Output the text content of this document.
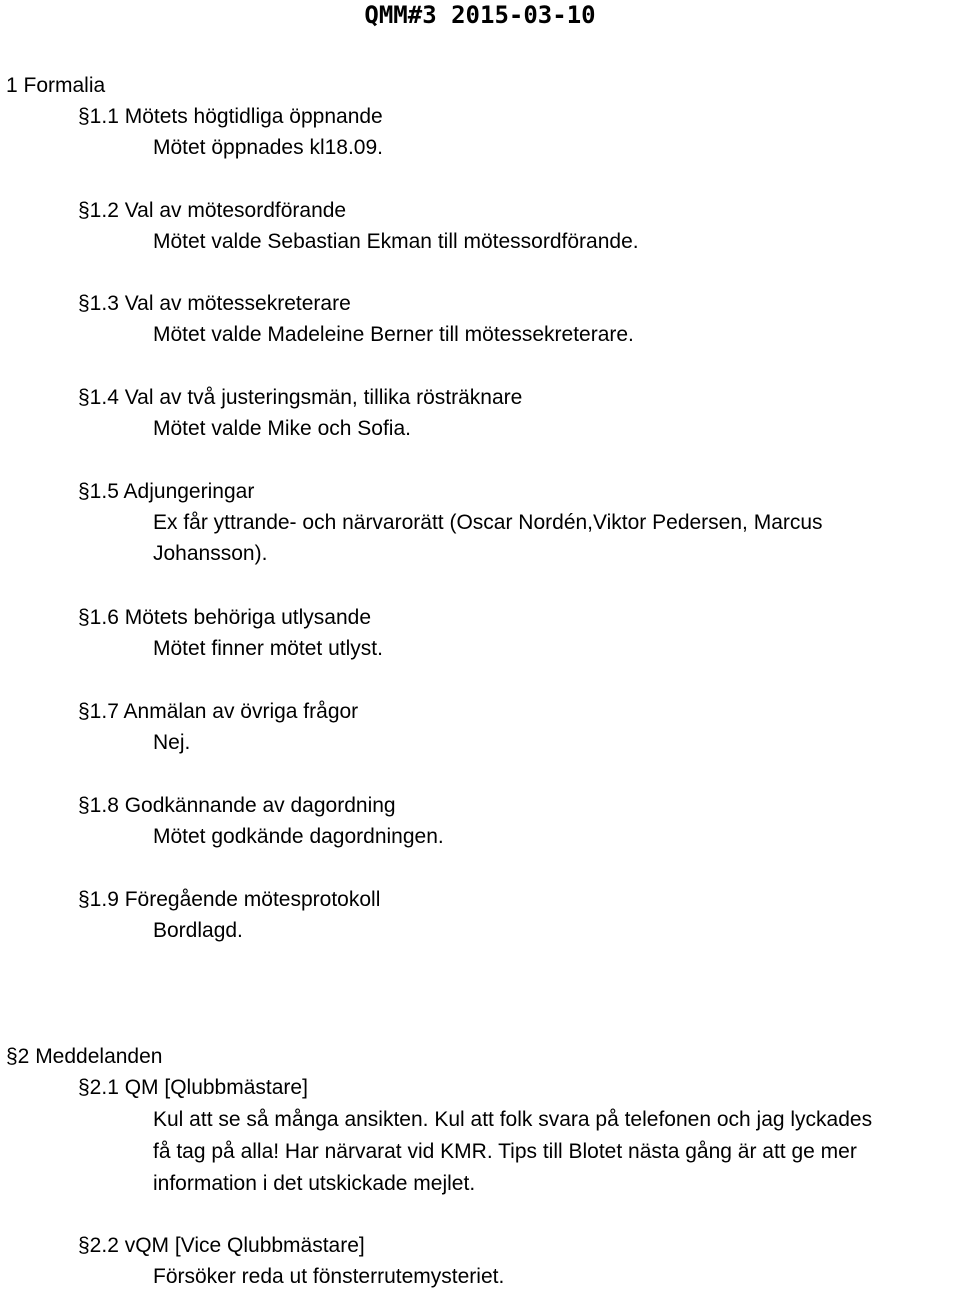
QMM#3 2015-03-10
1 Formalia
§1.1 Mötets högtidliga öppnande
Mötet öppnades kl18.09.
§1.2 Val av mötesordförande
Mötet valde Sebastian Ekman till mötessordförande.
§1.3 Val av mötessekreterare
Mötet valde Madeleine Berner till mötessekreterare.
§1.4 Val av två justeringsmän, tillika rösträknare
Mötet valde Mike och Sofia.
§1.5 Adjungeringar
Ex får yttrande- och närvarorätt (Oscar Nordén,Viktor Pedersen, Marcus
Johansson).
§1.6 Mötets behöriga utlysande
Mötet finner mötet utlyst.
§1.7 Anmälan av övriga frågor
Nej.
§1.8 Godkännande av dagordning
Mötet godkände dagordningen.
§1.9 Föregående mötesprotokoll
Bordlagd.
§2 Meddelanden
§2.1 QM [Qlubbmästare]
Kul att se så många ansikten. Kul att folk svara på telefonen och jag lyckades
få tag på alla! Har närvarat vid KMR. Tips till Blotet nästa gång är att ge mer
information i det utskickade mejlet.
§2.2 vQM [Vice Qlubbmästare]
Försöker reda ut fönsterrutemysteriet.
